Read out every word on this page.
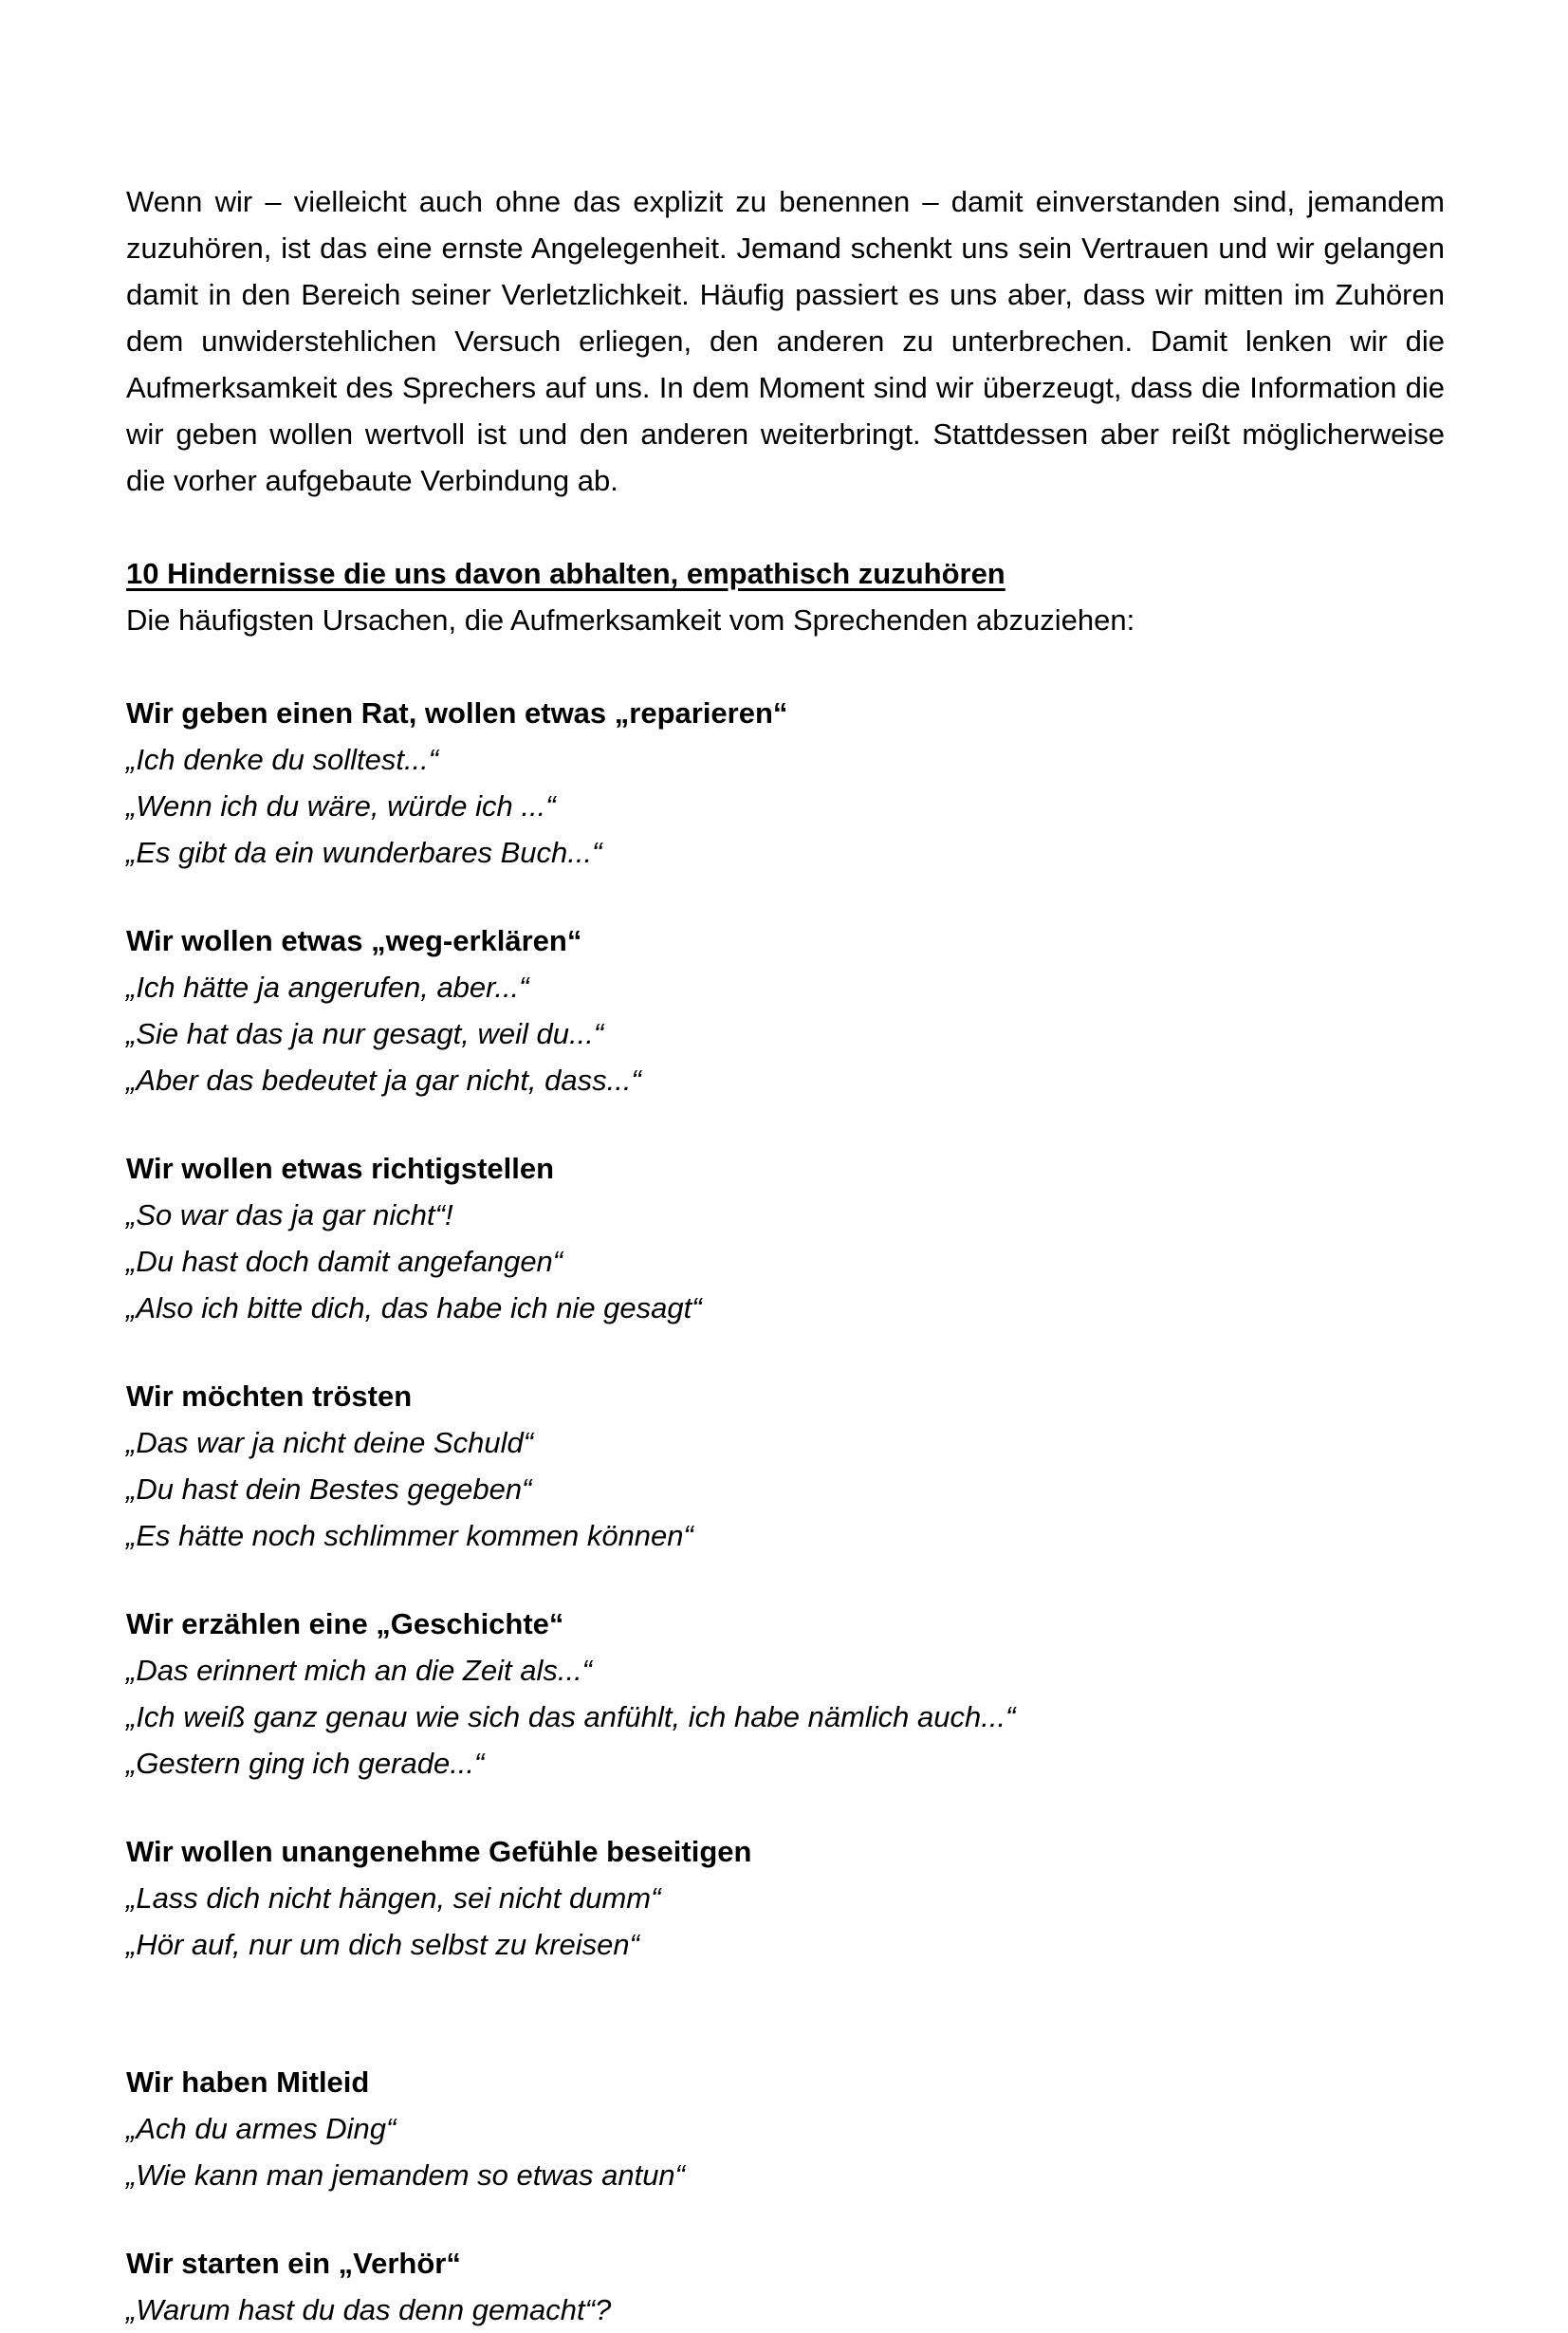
Wenn wir – vielleicht auch ohne das explizit zu benennen – damit einverstanden sind, jemandem zuzuhören, ist das eine ernste Angelegenheit. Jemand schenkt uns sein Vertrauen und wir gelangen damit in den Bereich seiner Verletzlichkeit. Häufig passiert es uns aber, dass wir mitten im Zuhören dem unwiderstehlichen Versuch erliegen, den anderen zu unterbrechen. Damit lenken wir die Aufmerksamkeit des Sprechers auf uns. In dem Moment sind wir überzeugt, dass die Information die wir geben wollen wertvoll ist und den anderen weiterbringt. Stattdessen aber reißt möglicherweise die vorher aufgebaute Verbindung ab.

10 Hindernisse die uns davon abhalten, empathisch zuzuhören

Die häufigsten Ursachen, die Aufmerksamkeit vom Sprechenden abzuziehen:

Wir geben einen Rat, wollen etwas „reparieren“

„Ich denke du solltest...“

„Wenn ich du wäre, würde ich ...“

„Es gibt da ein wunderbares Buch...“

Wir wollen etwas „weg-erklären“

„Ich hätte ja angerufen, aber...“

„Sie hat das ja nur gesagt, weil du...“

„Aber das bedeutet ja gar nicht, dass...“

Wir wollen etwas richtigstellen

„So war das ja gar nicht“!

„Du hast doch damit angefangen“

„Also ich bitte dich, das habe ich nie gesagt“

Wir möchten trösten

„Das war ja nicht deine Schuld“

„Du hast dein Bestes gegeben“

„Es hätte noch schlimmer kommen können“

Wir erzählen eine „Geschichte“

„Das erinnert mich an die Zeit als...“

„Ich weiß ganz genau wie sich das anfühlt, ich habe nämlich auch...“

„Gestern ging ich gerade...“

Wir wollen unangenehme Gefühle beseitigen

„Lass dich nicht hängen, sei nicht dumm“

„Hör auf, nur um dich selbst zu kreisen“

Wir haben Mitleid

„Ach du armes Ding“

„Wie kann man jemandem so etwas antun“

Wir starten ein „Verhör“

„Warum hast du das denn gemacht“?
